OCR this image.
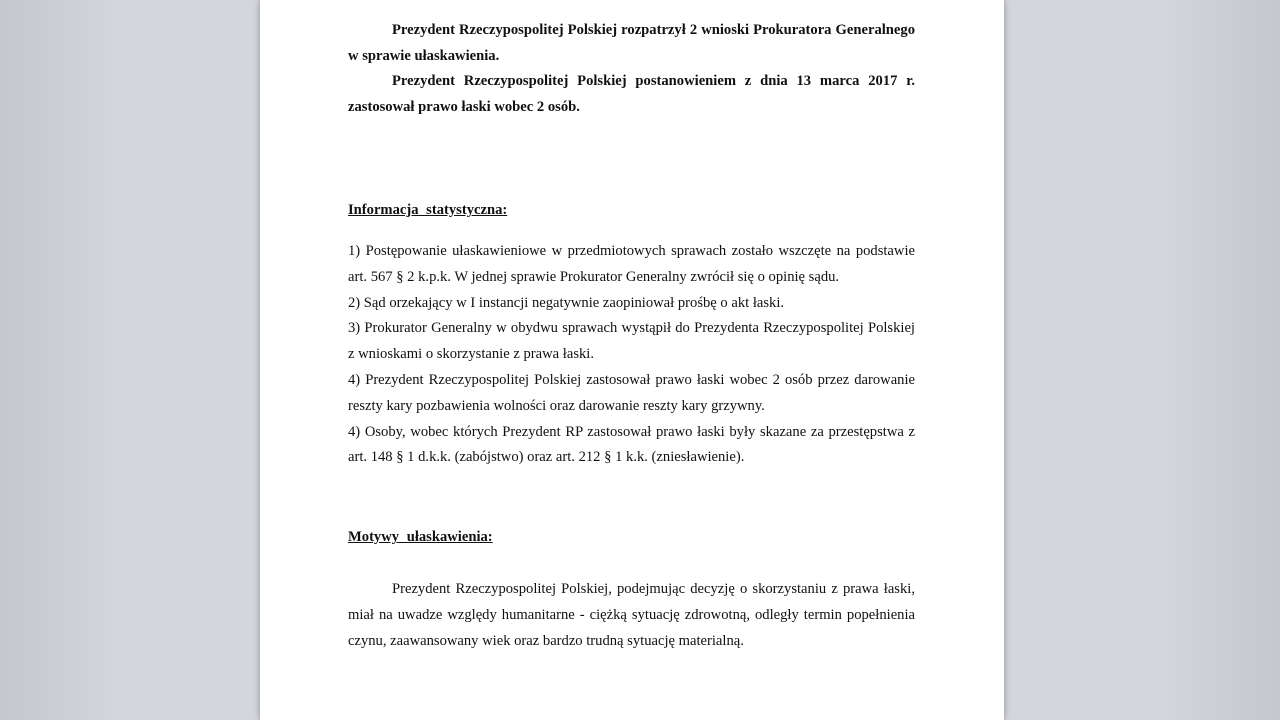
Prezydent Rzeczypospolitej Polskiej rozpatrzył 2 wnioski Prokuratora Generalnego w sprawie ułaskawienia.

Prezydent Rzeczypospolitej Polskiej postanowieniem z dnia 13 marca 2017 r. zastosował prawo łaski wobec 2 osób.

Informacja statystyczna:

1) Postępowanie ułaskawieniowe w przedmiotowych sprawach zostało wszczęte na podstawie art. 567 § 2 k.p.k. W jednej sprawie Prokurator Generalny zwrócił się o opinię sądu.

2) Sąd orzekający w I instancji negatywnie zaopiniował prośbę o akt łaski.

3) Prokurator Generalny w obydwu sprawach wystąpił do Prezydenta Rzeczypospolitej Polskiej z wnioskami o skorzystanie z prawa łaski.

4) Prezydent Rzeczypospolitej Polskiej zastosował prawo łaski wobec 2 osób przez darowanie reszty kary pozbawienia wolności oraz darowanie reszty kary grzywny.

4) Osoby, wobec których Prezydent RP zastosował prawo łaski były skazane za przestępstwa z art. 148 § 1 d.k.k. (zabójstwo) oraz art. 212 § 1 k.k. (zniesławienie).

Motywy ułaskawienia:

Prezydent Rzeczypospolitej Polskiej, podejmując decyzję o skorzystaniu z prawa łaski, miał na uwadze względy humanitarne - ciężką sytuację zdrowotną, odległy termin popełnienia czynu, zaawansowany wiek oraz bardzo trudną sytuację materialną.
